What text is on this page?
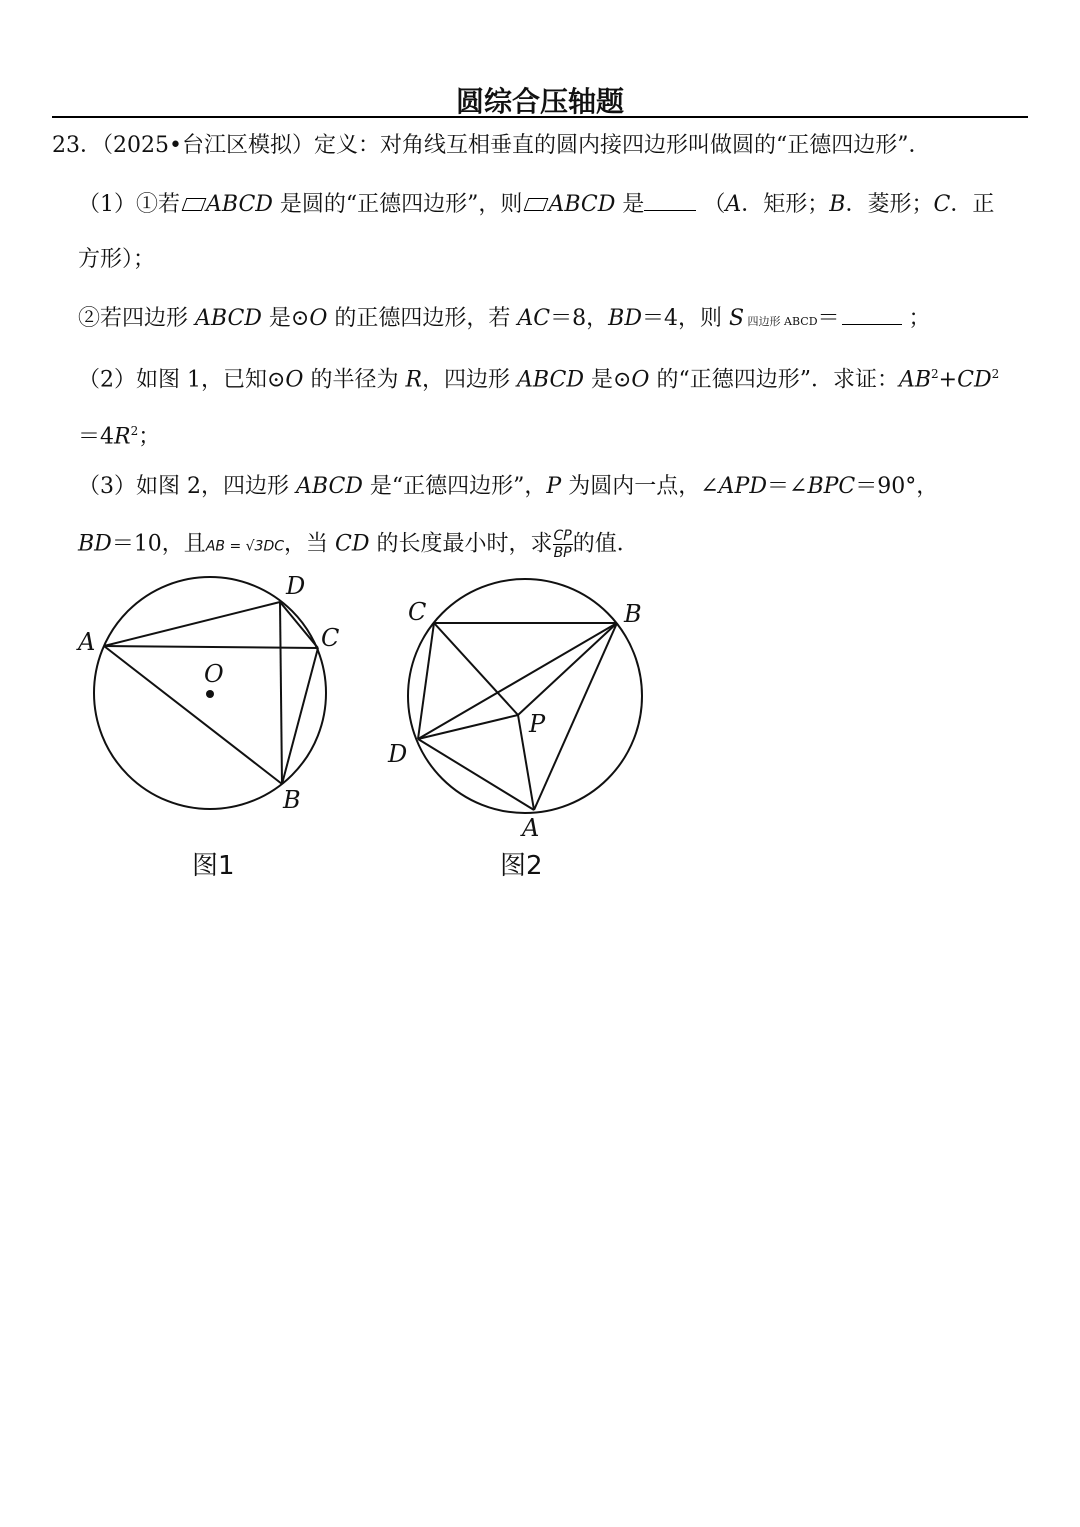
圆综合压轴题
23．（2025•台江区模拟）定义：对角线互相垂直的圆内接四边形叫做圆的“正德四边形”．
（1）①若 ABCD 是圆的“正德四边形”，则 ABCD 是 （A．矩形；B．菱形；C．正
方形）；
②若四边形 ABCD 是⊙O 的正德四边形，若 AC＝8，BD＝4，则 S 四边形 ABCD＝	；
（2）如图 1，已知⊙O 的半径为 R，四边形 ABCD 是⊙O 的“正德四边形”．求证：$AB^2+CD^2$
$=4R^2$；
（3）如图 2，四边形 ABCD 是“正德四边形”，P 为圆内一点，∠APD＝∠BPC＝90°，
BD＝10，且AB = √3DC，当 CD 的长度最小时，求 $\frac{CP}{BP}$ 的值．
A
D
C
B
O
图1
C	B
D
P
A
图2
